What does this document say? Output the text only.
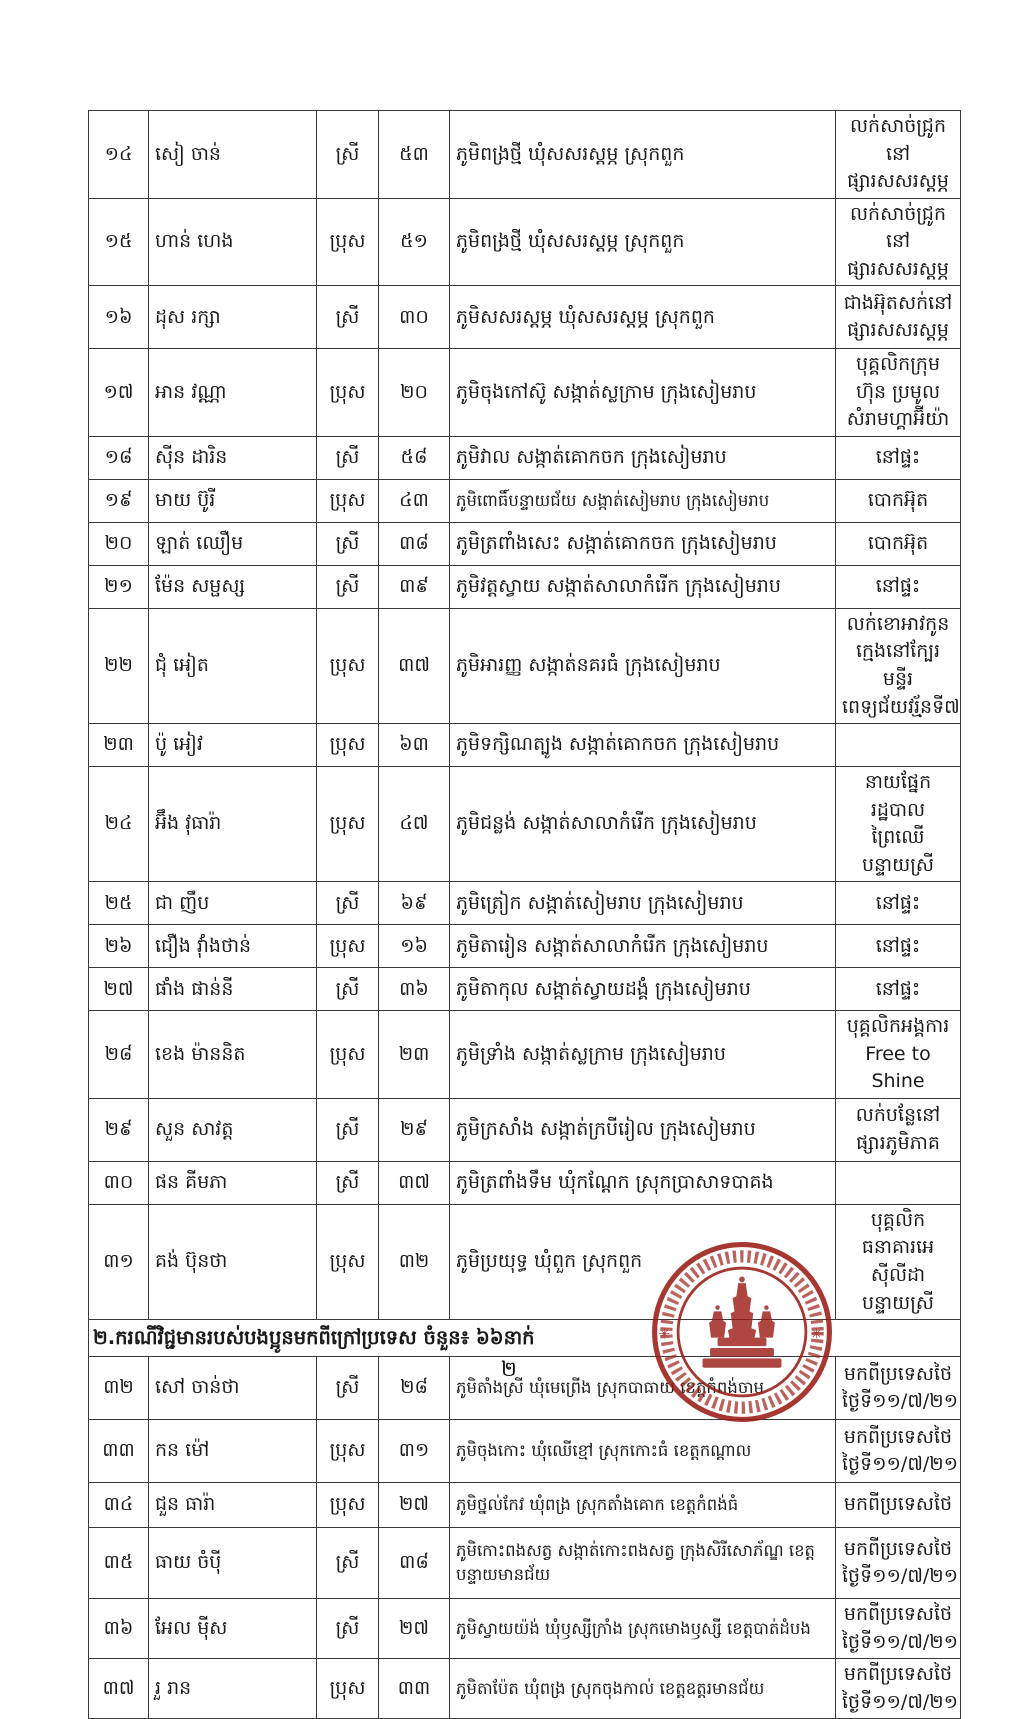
១៤	សៀ ចាន់	ស្រី	៥៣	ភូមិពង្រថ្មី ឃុំសសរស្ដម្ភ ស្រុកពួក	លក់សាច់ជ្រូកនៅ ផ្សារសសរស្ដម្ភ
១៥	ហាន់ ហេង	ប្រុស	៥១	ភូមិពង្រថ្មី ឃុំសសរស្ដម្ភ ស្រុកពួក	លក់សាច់ជ្រូកនៅ ផ្សារសសរស្ដម្ភ
១៦	ដុស រក្សា	ស្រី	៣០	ភូមិសសរស្ដម្ភ ឃុំសសរស្ដម្ភ ស្រុកពួក	ជាងអ៊ុតសក់នៅ ផ្សារសសរស្ដម្ភ
១៧	អាន វណ្ណា	ប្រុស	២០	ភូមិចុងកៅស៊ូ សង្កាត់ស្លក្រាម ក្រុងសៀមរាប	បុគ្គលិកក្រុមហ៊ុន ប្រមូលសំរាមហ្គាអ៊ីយ៉ា
១៨	ស៊ីន ដារិន	ស្រី	៥៨	ភូមិវាល សង្កាត់គោកចក ក្រុងសៀមរាប	នៅផ្ទះ
១៩	មាយ ប៊ូរី	ប្រុស	៤៣	ភូមិពោធិ៍បន្ទាយជ័យ សង្កាត់សៀមរាប ក្រុងសៀមរាប	បោកអ៊ុត
២០	ឡាត់ ឈឿម	ស្រី	៣៨	ភូមិត្រពាំងសេះ សង្កាត់គោកចក ក្រុងសៀមរាប	បោកអ៊ុត
២១	ម៉ែន សម្ផស្ស	ស្រី	៣៩	ភូមិវត្តស្វាយ សង្កាត់សាលាកំរើក ក្រុងសៀមរាប	នៅផ្ទះ
២២	ជុំ អៀត	ប្រុស	៣៧	ភូមិអារញ្ញ សង្កាត់នគរធំ ក្រុងសៀមរាប	លក់ខោអាវកូន ក្មេងនៅក្បែរមន្ទីរ ពេទ្យជ័យវរ្ម័នទី៧
២៣	ប៉ូ អៀវ	ប្រុស	៦៣	ភូមិទក្សិណត្បូង សង្កាត់គោកចក ក្រុងសៀមរាប	
២៤	អ៊ឹង វុធារ៉ា	ប្រុស	៤៧	ភូមិជន្លង់ សង្កាត់សាលាកំរើក ក្រុងសៀមរាប	នាយផ្នែករដ្ឋបាល ព្រៃឈើបន្ទាយស្រី
២៥	ជា ញឹប	ស្រី	៦៩	ភូមិត្រៀក សង្កាត់សៀមរាប ក្រុងសៀមរាប	នៅផ្ទះ
២៦	ជឿង វ៉ាំងថាន់	ប្រុស	១៦	ភូមិតារៀន សង្កាត់សាលាកំរើក ក្រុងសៀមរាប	នៅផ្ទះ
២៧	ផាំង ផាន់នី	ស្រី	៣៦	ភូមិតាកុល សង្កាត់ស្វាយដង្គំ ក្រុងសៀមរាប	នៅផ្ទះ
២៨	ខេង ម៉ាននិត	ប្រុស	២៣	ភូមិទ្រាំង សង្កាត់ស្លក្រាម ក្រុងសៀមរាប	បុគ្គលិកអង្គការ Free to Shine
២៩	សួន សាវត្ត	ស្រី	២៩	ភូមិក្រសាំង សង្កាត់ក្របីរៀល ក្រុងសៀមរាប	លក់បន្លែនៅ ផ្សារភូមិភាគ
៣០	ផន គីមភា	ស្រី	៣៧	ភូមិត្រពាំងទឹម ឃុំកណ្ដែក ស្រុកប្រាសាទបាគង	
៣១	គង់ ប៊ុនថា	ប្រុស	៣២	ភូមិប្រយុទ្ធ ឃុំពួក ស្រុកពួក	បុគ្គលិកធនាគារអេ ស៊ីលីដាបន្ទាយស្រី
២.ករណីវិជ្ជមានរបស់បងប្អូនមកពីក្រៅប្រទេស ចំនួន៖ ៦៦នាក់					
៣២	សៅ ចាន់ថា	ស្រី	២៨	ភូមិតាំងស្រី ឃុំមេព្រើង ស្រុកបាធាយ ខេត្តកំពង់ចាម	មកពីប្រទេសថៃ ថ្ងៃទី១១/៧/២១
៣៣	កន ម៉ៅ	ប្រុស	៣១	ភូមិចុងកោះ ឃុំឈើខ្មៅ ស្រុកកោះធំ ខេត្តកណ្ដាល	មកពីប្រទេសថៃ ថ្ងៃទី១១/៧/២១
៣៤	ជួន ធារ៉ា	ប្រុស	២៧	ភូមិថ្នល់កែវ ឃុំពង្រ ស្រុកតាំងគោក ខេត្តកំពង់ធំ	មកពីប្រទេសថៃ
៣៥	ធាយ ចំប៉ី	ស្រី	៣៨	ភូមិកោះពងសត្វ សង្កាត់កោះពងសត្វ ក្រុងសិរីសោភ័ណ្ឌ ខេត្តបន្ទាយមានជ័យ	មកពីប្រទេសថៃ ថ្ងៃទី១១/៧/២១
៣៦	អែល មុីស	ស្រី	២៧	ភូមិស្វាយយ៉ង់ ឃុំឫស្សីក្រាំង ស្រុកមោងឫស្សី ខេត្តបាត់ដំបង	មកពីប្រទេសថៃ ថ្ងៃទី១១/៧/២១
៣៧	រួ រាន	ប្រុស	៣៣	ភូមិតាប៉ែត ឃុំពង្រ ស្រុកចុងកាល់ ខេត្តឧត្ដរមានជ័យ	មកពីប្រទេសថៃ ថ្ងៃទី១១/៧/២១
២
✳	✳
